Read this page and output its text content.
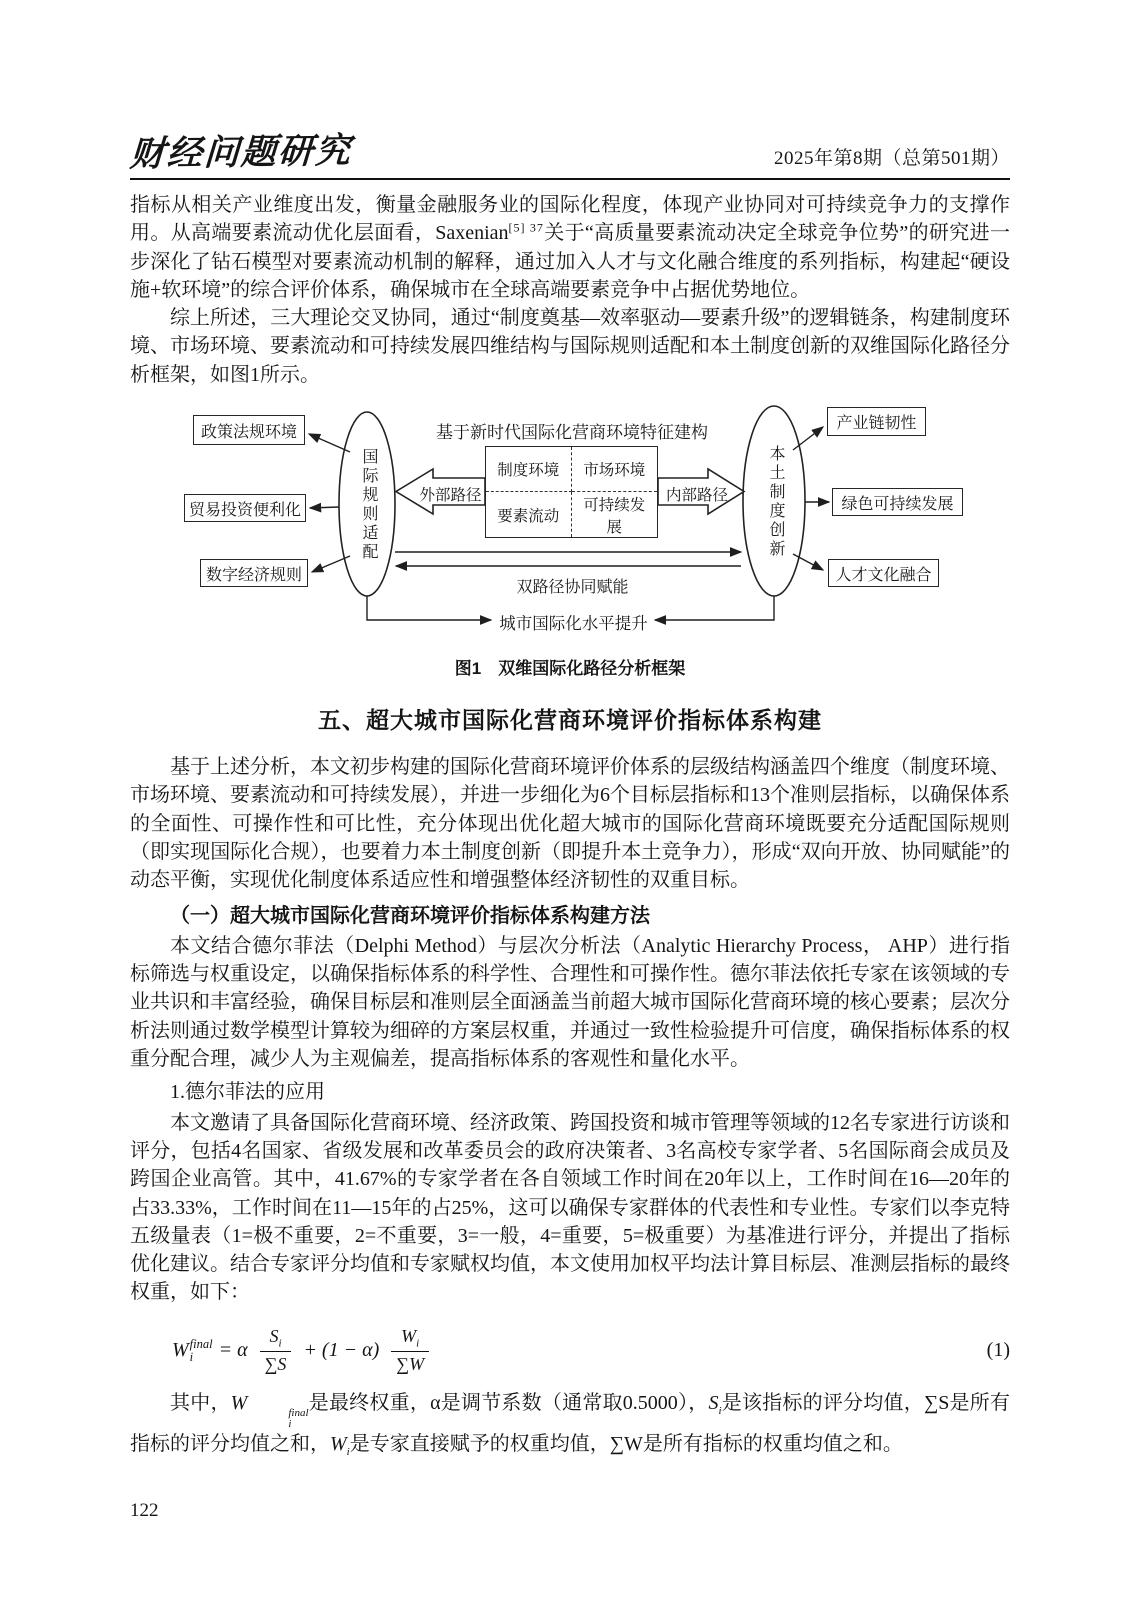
财经问题研究	2025年第8期（总第501期）

指标从相关产业维度出发，衡量金融服务业的国际化程度，体现产业协同对可持续竞争力的支撑作用。从高端要素流动优化层面看，Saxenian$^{[5] 37}$关于“高质量要素流动决定全球竞争位势”的研究进一步深化了钻石模型对要素流动机制的解释，通过加入人才与文化融合维度的系列指标，构建起“硬设施+软环境”的综合评价体系，确保城市在全球高端要素竞争中占据优势地位。

综上所述，三大理论交叉协同，通过“制度奠基—效率驱动—要素升级”的逻辑链条，构建制度环境、市场环境、要素流动和可持续发展四维结构与国际规则适配和本土制度创新的双维国际化路径分析框架，如图1所示。

基于新时代国际化营商环境特征建构
政策法规环境
贸易投资便利化
数字经济规则
产业链韧性
绿色可持续发展
人才文化融合
制度环境	市场环境
要素流动
可持续发展
外部路径	内部路径
国际规则适配	本土制度创新
双路径协同赋能
城市国际化水平提升
图1　双维国际化路径分析框架
五、超大城市国际化营商环境评价指标体系构建

基于上述分析，本文初步构建的国际化营商环境评价体系的层级结构涵盖四个维度（制度环境、市场环境、要素流动和可持续发展），并进一步细化为6个目标层指标和13个准则层指标，以确保体系的全面性、可操作性和可比性，充分体现出优化超大城市的国际化营商环境既要充分适配国际规则（即实现国际化合规），也要着力本土制度创新（即提升本土竞争力），形成“双向开放、协同赋能”的动态平衡，实现优化制度体系适应性和增强整体经济韧性的双重目标。

（一）超大城市国际化营商环境评价指标体系构建方法

本文结合德尔菲法（Delphi Method）与层次分析法（Analytic Hierarchy Process， AHP）进行指标筛选与权重设定，以确保指标体系的科学性、合理性和可操作性。德尔菲法依托专家在该领域的专业共识和丰富经验，确保目标层和准则层全面涵盖当前超大城市国际化营商环境的核心要素；层次分析法则通过数学模型计算较为细碎的方案层权重，并通过一致性检验提升可信度，确保指标体系的权重分配合理，减少人为主观偏差，提高指标体系的客观性和量化水平。

1.德尔菲法的应用

本文邀请了具备国际化营商环境、经济政策、跨国投资和城市管理等领域的12名专家进行访谈和评分，包括4名国家、省级发展和改革委员会的政府决策者、3名高校专家学者、5名国际商会成员及跨国企业高管。其中，41.67%的专家学者在各自领域工作时间在20年以上，工作时间在16—20年的占33.33%，工作时间在11—15年的占25%，这可以确保专家群体的代表性和专业性。专家们以李克特五级量表（1=极不重要，2=不重要，3=一般，4=重要，5=极重要）为基准进行评分，并提出了指标优化建议。结合专家评分均值和专家赋权均值，本文使用加权平均法计算目标层、准测层指标的最终权重，如下：

W final
i = α $\frac{S_i}{\sum S} + (1 - \alpha) \frac{W_i}{\sum W}$	(1)

其中，W	final
i
是最终权重，α是调节系数（通常取0.5000），$S_i$是该指标的评分均值，∑S是所有指标的评分均值之和，$W_i$是专家直接赋予的权重均值，∑W是所有指标的权重均值之和。

122
